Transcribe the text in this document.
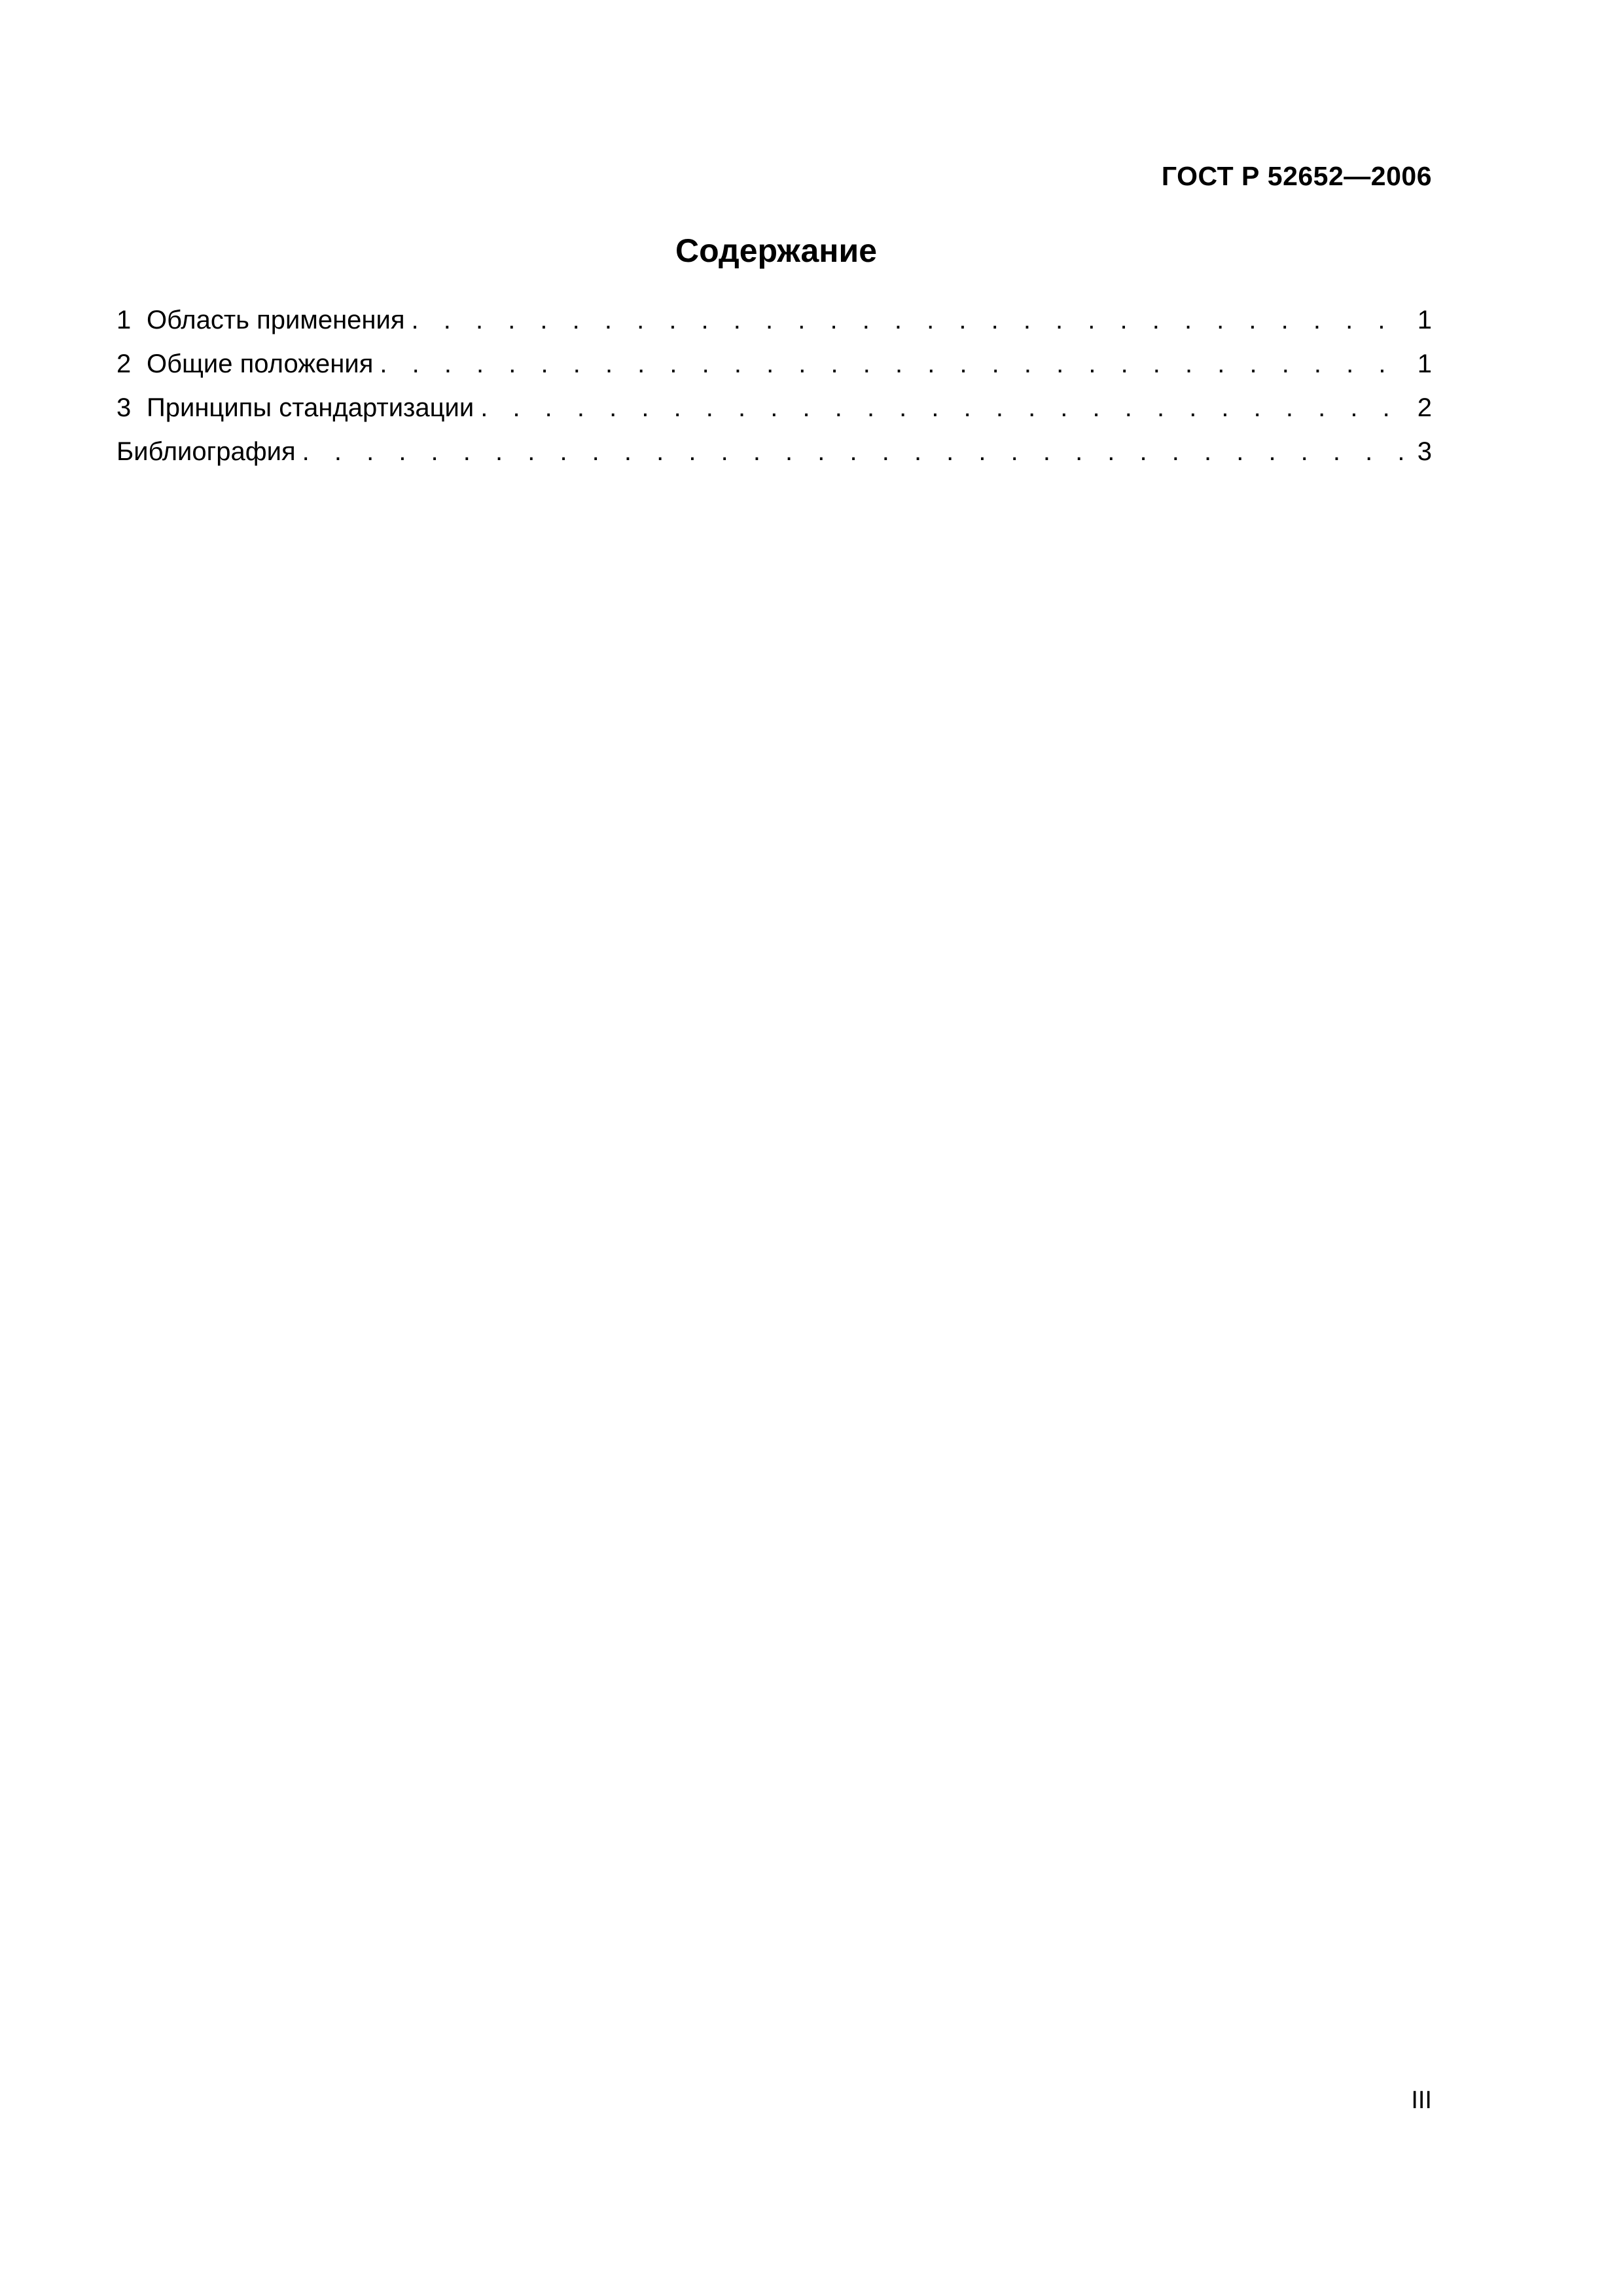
ГОСТ Р 52652—2006
Содержание
1 Область применения . . .	1
2 Общие положения . . .	1
3 Принципы стандартизации . . .	2
Библиография . . .	3
III
